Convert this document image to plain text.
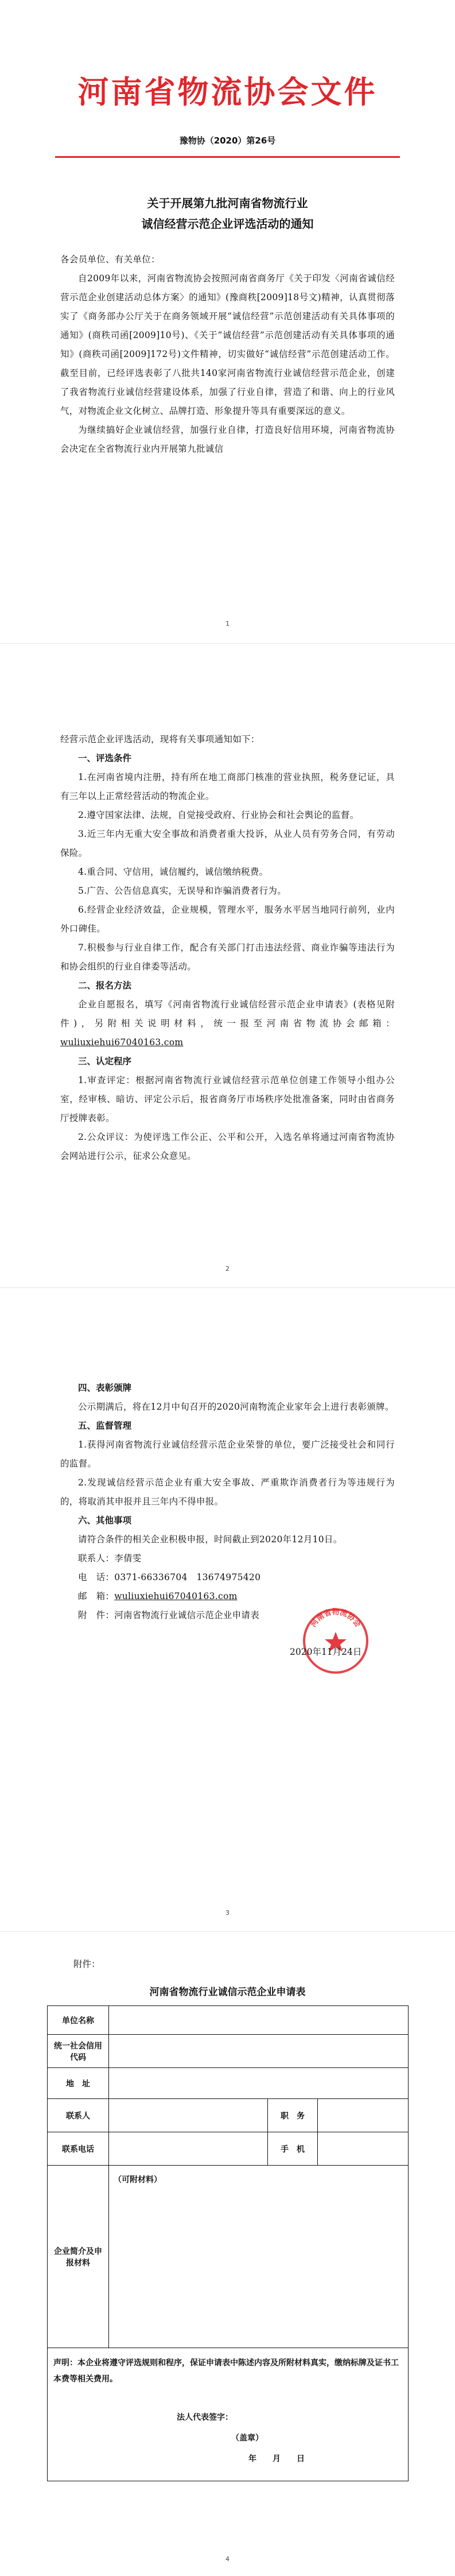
河南省物流协会文件
豫物协（2020）第26号
关于开展第九批河南省物流行业
诚信经营示范企业评选活动的通知

各会员单位、有关单位：

自2009年以来，河南省物流协会按照河南省商务厅《关于印发〈河南省诚信经营示范企业创建活动总体方案〉的通知》(豫商秩[2009]18号文)精神，认真贯彻落实了《商务部办公厅关于在商务领域开展“诚信经营”示范创建活动有关具体事项的通知》(商秩司函[2009]10号)、《关于“诚信经营”示范创建活动有关具体事项的通知》(商秩司函[2009]172号)文件精神，切实做好“诚信经营”示范创建活动工作。截至目前，已经评选表彰了八批共140家河南省物流行业诚信经营示范企业，创建了我省物流行业诚信经营建设体系，加强了行业自律，营造了和谐、向上的行业风气，对物流企业文化树立、品牌打造、形象提升等具有重要深远的意义。

为继续搞好企业诚信经营，加强行业自律，打造良好信用环境，河南省物流协会决定在全省物流行业内开展第九批诚信

1

经营示范企业评选活动，现将有关事项通知如下：

一、评选条件

1.在河南省境内注册，持有所在地工商部门核准的营业执照，税务登记证，具有三年以上正常经营活动的物流企业。

2.遵守国家法律、法规，自觉接受政府、行业协会和社会舆论的监督。

3.近三年内无重大安全事故和消费者重大投诉，从业人员有劳务合同，有劳动保险。

4.重合同、守信用，诚信履约，诚信缴纳税费。

5.广告、公告信息真实，无误导和诈骗消费者行为。

6.经营企业经济效益，企业规模，管理水平，服务水平居当地同行前列，业内外口碑佳。

7.积极参与行业自律工作，配合有关部门打击违法经营、商业诈骗等违法行为和协会组织的行业自律委等活动。

二、报名方法

企业自愿报名，填写《河南省物流行业诚信经营示范企业申请表》(表格见附件)，另附相关说明材料，统一报至河南省物流协会邮箱：wuliuxiehui67040163.com

三、认定程序

1.审查评定：根据河南省物流行业诚信经营示范单位创建工作领导小组办公室，经审核、暗访、评定公示后，报省商务厅市场秩序处批准备案，同时由省商务厅授牌表彰。

2.公众评议：为使评选工作公正、公平和公开，入选名单将通过河南省物流协会网站进行公示，征求公众意见。

2

四、表彰颁牌

公示期满后，将在12月中旬召开的2020河南物流企业家年会上进行表彰颁牌。

五、监督管理

1.获得河南省物流行业诚信经营示范企业荣誉的单位，要广泛接受社会和同行的监督。

2.发现诚信经营示范企业有重大安全事故、严重欺诈消费者行为等违规行为的，将取消其申报并且三年内不得申报。

六、其他事项

请符合条件的相关企业积极申报，时间截止到2020年12月10日。

联系人：李倩雯

电　话：0371-66336704　13674975420

邮　箱：wuliuxiehui67040163.com

附　件：河南省物流行业诚信示范企业申请表

河南省物流协会
2020年11月24日
3
附件：
河南省物流行业诚信示范企业申请表
单位名称			
统一社会信用代码			
地　址			
联系人		职　务	
联系电话		手　机	
企业简介及申报材料	（可附材料）		

声明：本企业将遵守评选规则和程序，保证申请表中陈述内容及所附材料真实，缴纳标牌及证书工本费等相关费用。
法人代表签字：
（盖章）
年　　月　　日			
4
